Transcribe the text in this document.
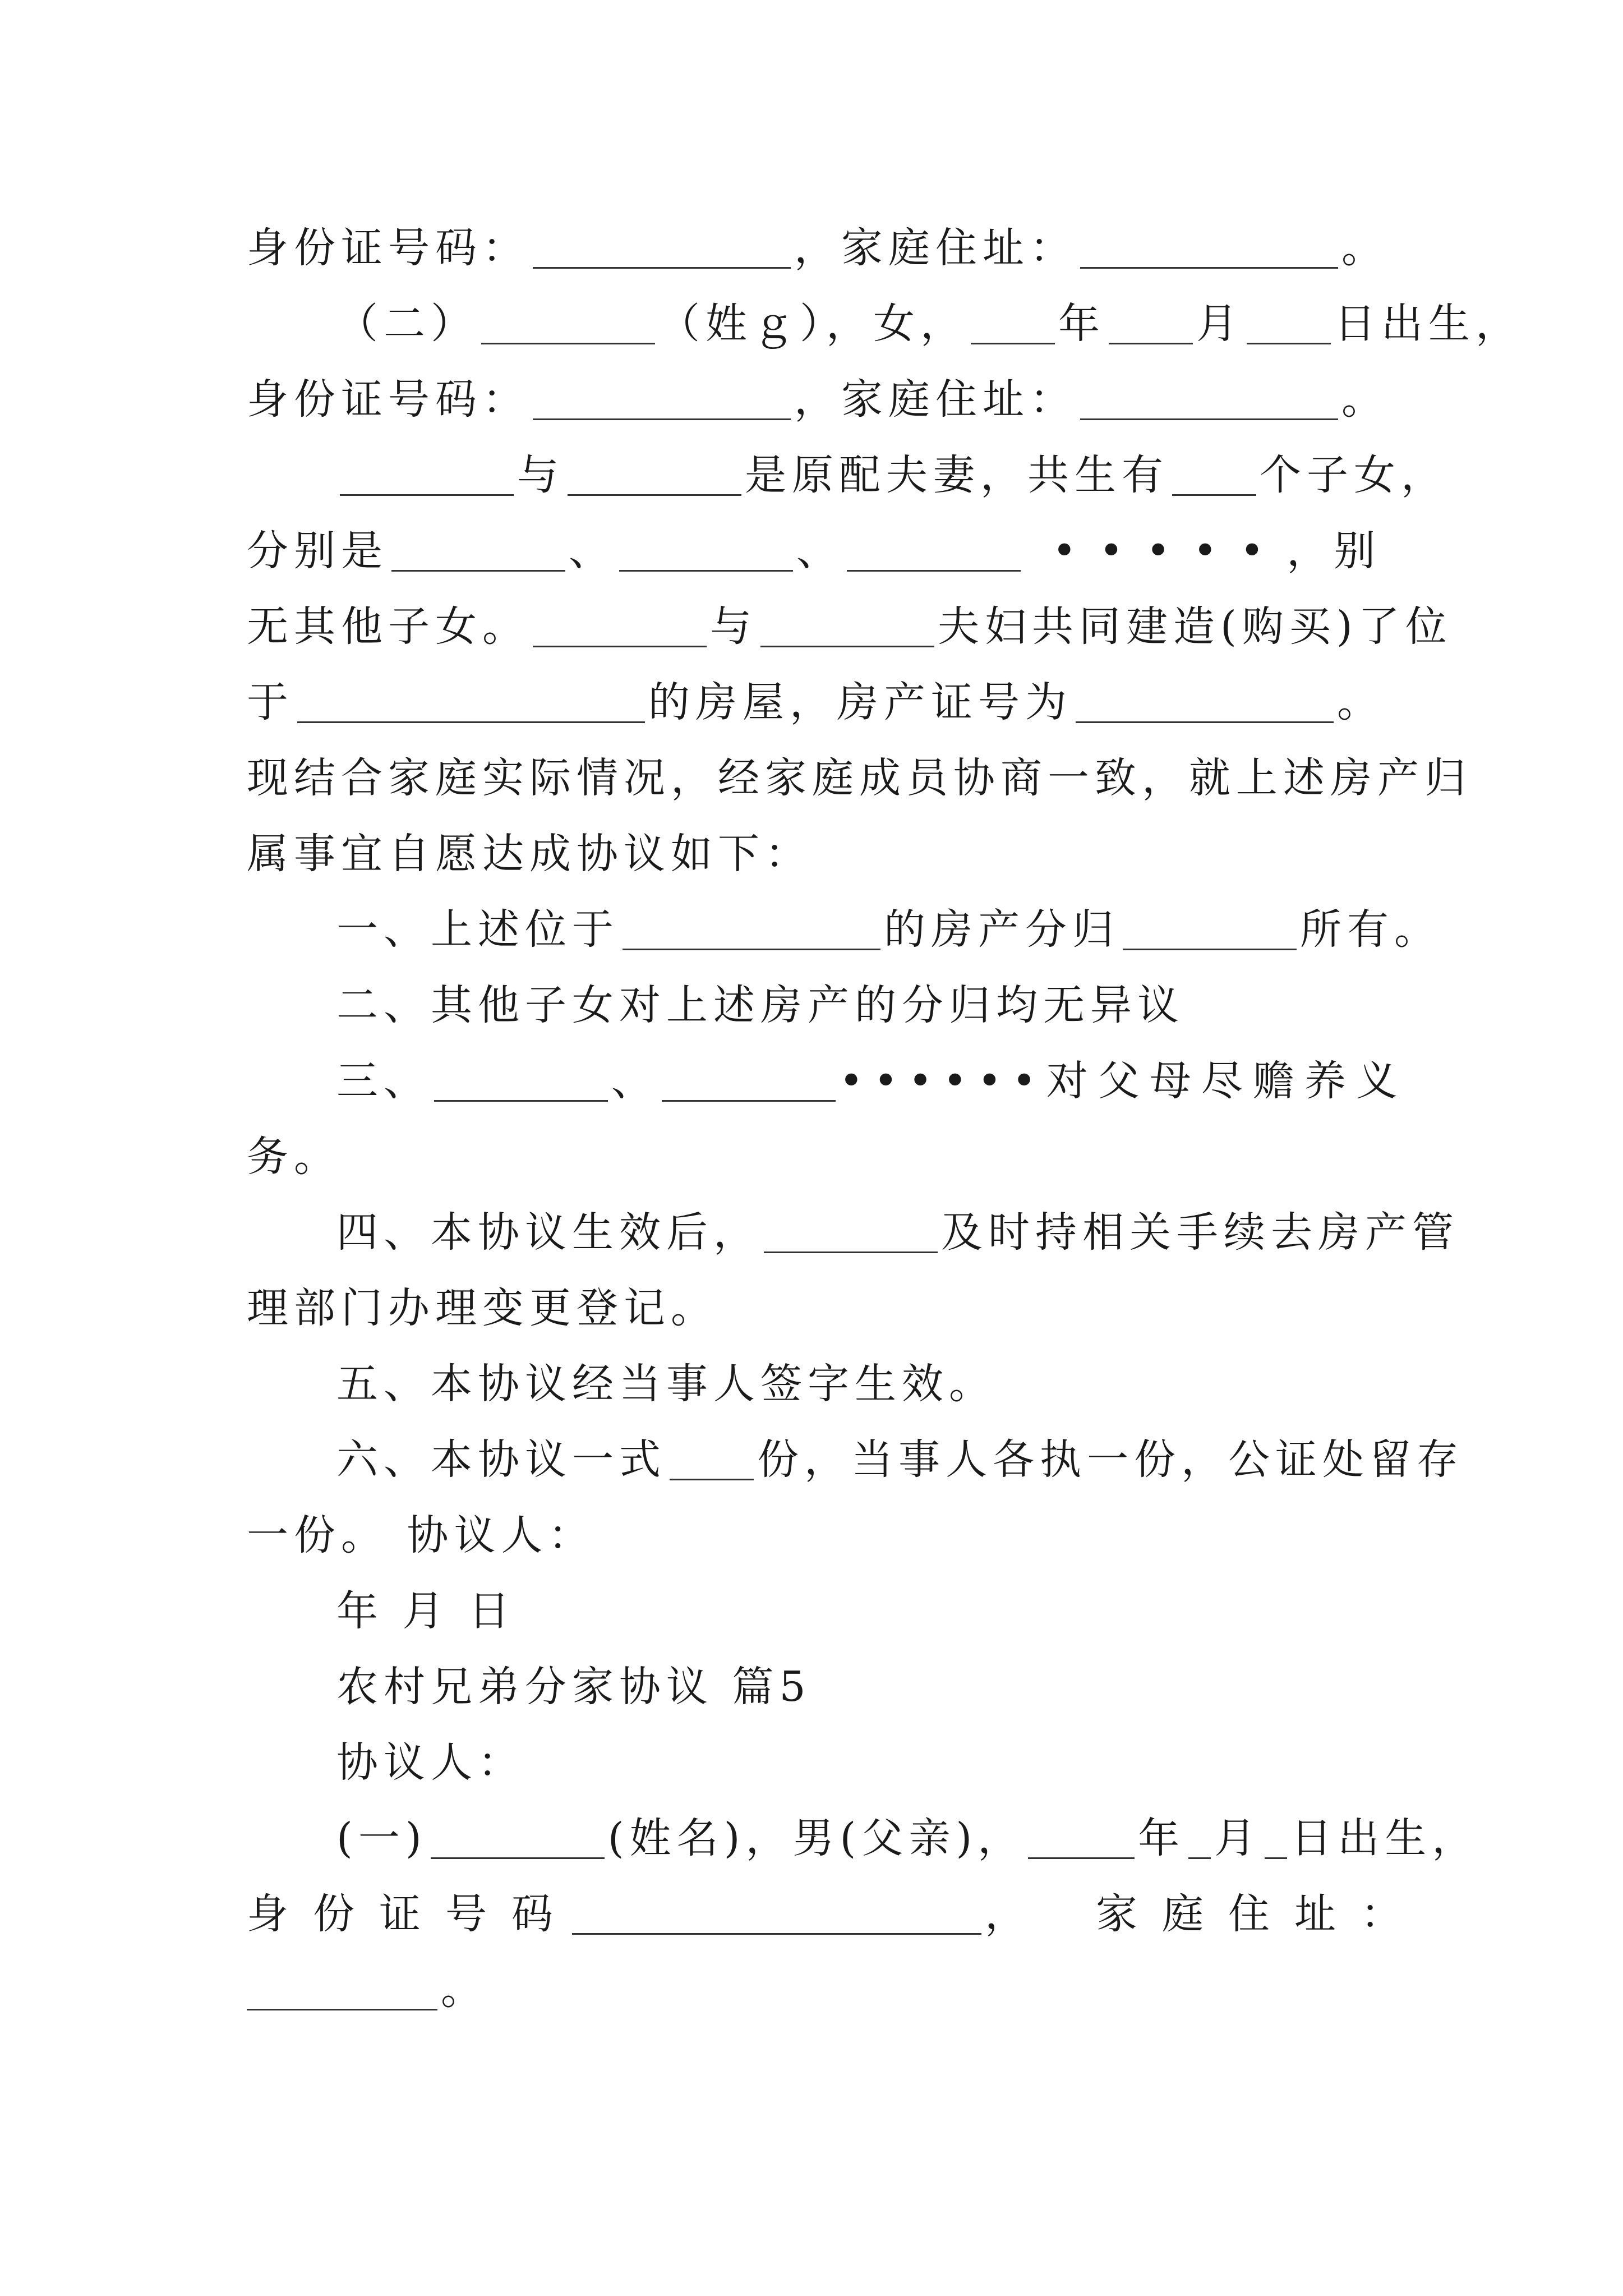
身份证号码：	，家庭住址：	。
（二）	（姓ｇ），女， 年 月 日出生，
身份证号码：	，家庭住址：	。
与	是原配夫妻，共生有 个子女，
分别是	、	、	•••••，别
无其他子女。	与	夫妇共同建造(购买)了位
于	的房屋，房产证号为	。
现结合家庭实际情况，经家庭成员协商一致，就上述房产归
属事宜自愿达成协议如下：
一、上述位于	的房产分归	所有。
二、其他子女对上述房产的分归均无异议
三、	、	••••••对父母尽赡养义
务。
四、本协议生效后，	及时持相关手续去房产管
理部门办理变更登记。
五、本协议经当事人签字生效。
六、本协议一式 份，当事人各执一份，公证处留存
一份。 协议人：
年 月 日
农村兄弟分家协议 篇5
协议人：
(一)	(姓名)，男(父亲)，	年 月 日出生，
身份证号码	， 家庭住址：
。
